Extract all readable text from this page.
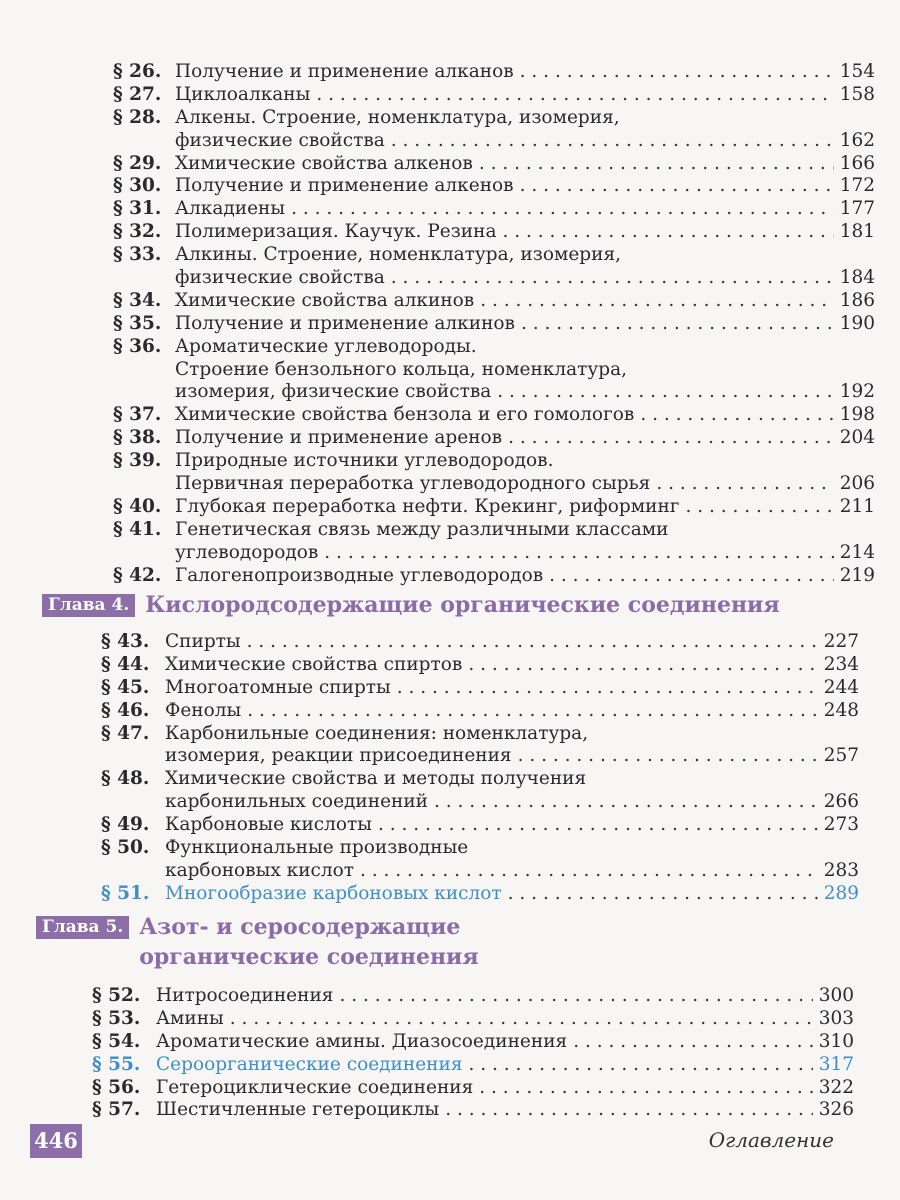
§ 26. Получение и применение алканов . . .	154
§ 27. Циклоалканы . . .	158
§ 28. Алкены. Строение, номенклатура, изомерия,
физические свойства . . .	162
§ 29. Химические свойства алкенов . . .	166
§ 30. Получение и применение алкенов . . .	172
§ 31. Алкадиены . . .	177
§ 32. Полимеризация. Каучук. Резина . . .	181
§ 33. Алкины. Строение, номенклатура, изомерия,
физические свойства . . .	184
§ 34. Химические свойства алкинов . . .	186
§ 35. Получение и применение алкинов . . .	190
§ 36. Ароматические углеводороды.
Строение бензольного кольца, номенклатура,
изомерия, физические свойства . . .	192
§ 37. Химические свойства бензола и его гомологов . . .	198
§ 38. Получение и применение аренов . . .	204
§ 39. Природные источники углеводородов.
Первичная переработка углеводородного сырья . . .	206
§ 40. Глубокая переработка нефти. Крекинг, риформинг . . .	211
§ 41. Генетическая связь между различными классами
углеводородов . . .	214
§ 42. Галогенопроизводные углеводородов . . .	219
Глава 4. Кислородсодержащие органические соединения
§ 43. Спирты . . .	227
§ 44. Химические свойства спиртов . . .	234
§ 45. Многоатомные спирты . . .	244
§ 46. Фенолы . . .	248
§ 47. Карбонильные соединения: номенклатура,
изомерия, реакции присоединения . . .	257
§ 48. Химические свойства и методы получения
карбонильных соединений . . .	266
§ 49. Карбоновые кислоты . . .	273
§ 50. Функциональные производные
карбоновых кислот . . .	283
§ 51. Многообразие карбоновых кислот . . .	289
Глава 5. Азот- и серосодержащие
органические соединения
§ 52. Нитросоединения . . .	300
§ 53. Амины . . .	303
§ 54. Ароматические амины. Диазосоединения . . .	310
§ 55. Сероорганические соединения . . .	317
§ 56. Гетероциклические соединения . . .	322
§ 57. Шестичленные гетероциклы . . .	326
446	Оглавление
